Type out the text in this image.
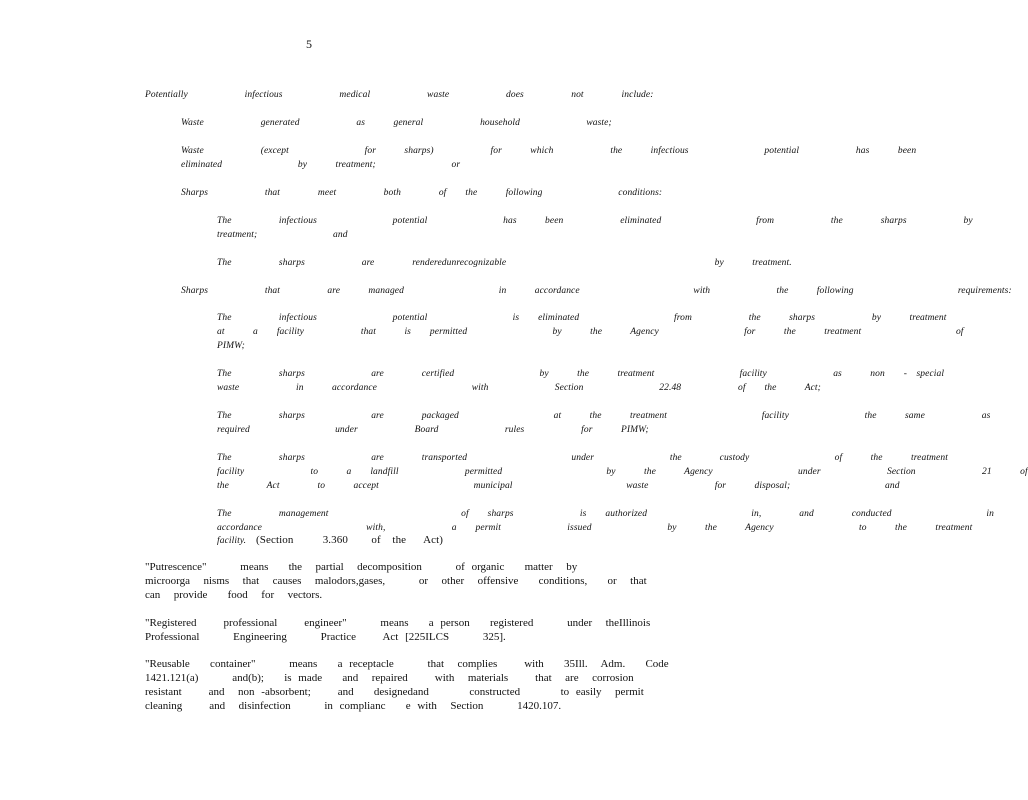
5
Potentially      infectious      medical      waste      does     not    include:
Waste      generated      as   general      household       waste;
Waste      (except        for   sharps)      for   which      the   infectious        potential      has   been
eliminated        by   treatment;        or
Sharps      that    meet     both    of  the   following        conditions:
The     infectious        potential        has   been      eliminated          from      the    sharps      by
treatment;        and
The     sharps      are    renderedunrecognizable                      by   treatment.
Sharps      that     are   managed          in   accordance            with       the   following           requirements:
The     infectious        potential         is  eliminated          from      the   sharps      by   treatment
at   a  facility      that   is  permitted         by   the   Agency         for   the   treatment          of
PIMW;
The     sharps       are    certified         by   the   treatment         facility       as   non  - special
waste      in   accordance          with       Section        22.48      of  the   Act;
The     sharps       are    packaged          at   the   treatment          facility        the   same      as
required         under      Board       rules      for   PIMW;
The     sharps       are    transported           under        the    custody         of   the   treatment
facility       to   a  landfill       permitted           by   the   Agency         under       Section       21   of
the    Act    to   accept          municipal            waste       for   disposal;          and
The     management              of  sharps       is  authorized           in,    and    conducted          in
accordance           with,       a  permit       issued        by   the   Agency         to   the   treatment
facility. (Section     3.360    of  the   Act)

"Putrescence"     means   the  partial  decomposition     of organic   matter  by

microorga  nisms  that  causes  malodors,gases,     or  other  offensive   conditions,   or  that

can  provide   food  for  vectors.

"Registered    professional    engineer"     means   a person   registered     under  theIllinois

Professional     Engineering     Practice    Act [225ILCS     325].

"Reusable   container"     means   a receptacle     that  complies    with   35Ill.  Adm.   Code

1421.121(a)     and(b);   is made   and  repaired    with  materials    that  are  corrosion

resistant    and  non -absorbent;    and   designedand      constructed      to easily  permit

cleaning    and  disinfection     in complianc   e with  Section     1420.107.
